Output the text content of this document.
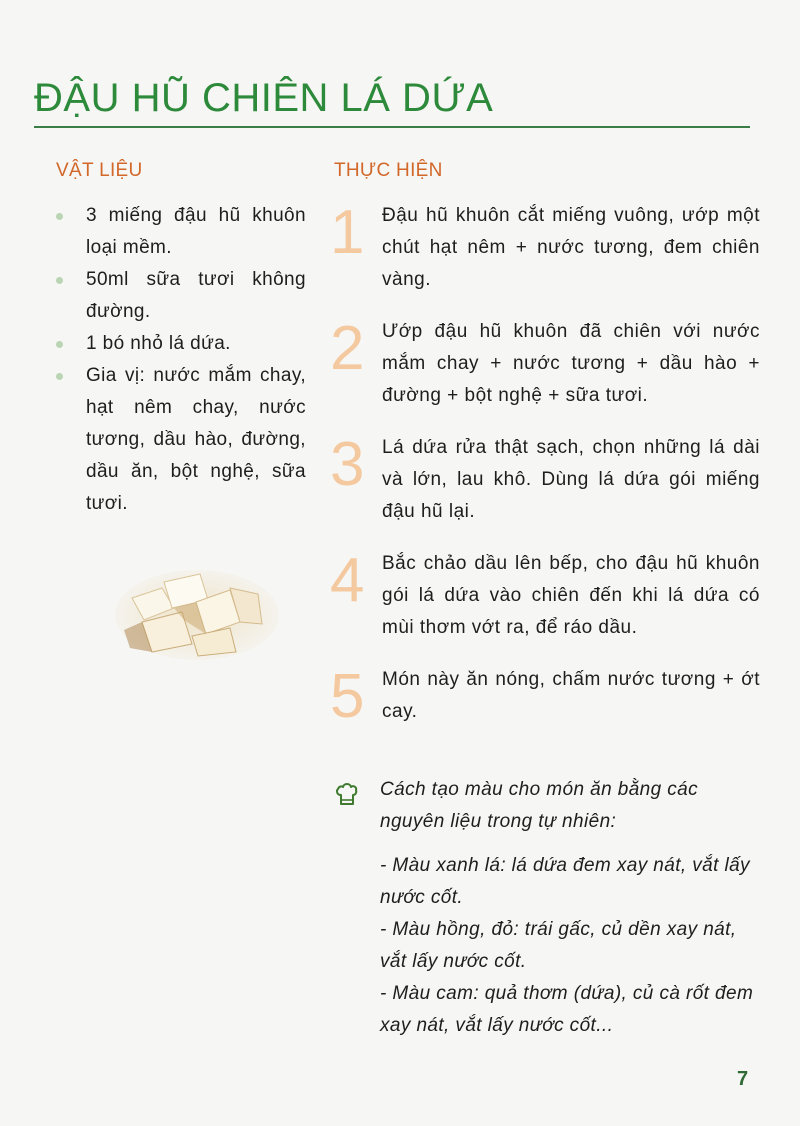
ĐẬU HŨ CHIÊN LÁ DỨA
VẬT LIỆU	THỰC HIỆN
3 miếng đậu hũ khuôn loại mềm.
50ml sữa tươi không đường.
1 bó nhỏ lá dứa.
Gia vị: nước mắm chay, hạt nêm chay, nước tương, dầu hào, đường, dầu ăn, bột nghệ, sữa tươi.
1 Đậu hũ khuôn cắt miếng vuông, ướp một chút hạt nêm + nước tương, đem chiên vàng.
2 Ướp đậu hũ khuôn đã chiên với nước mắm chay + nước tương + dầu hào + đường + bột nghệ + sữa tươi.
3 Lá dứa rửa thật sạch, chọn những lá dài và lớn, lau khô. Dùng lá dứa gói miếng đậu hũ lại.
4 Bắc chảo dầu lên bếp, cho đậu hũ khuôn gói lá dứa vào chiên đến khi lá dứa có mùi thơm vớt ra, để ráo dầu.
5 Món này ăn nóng, chấm nước tương + ớt cay.
Cách tạo màu cho món ăn bằng các nguyên liệu trong tự nhiên:
- Màu xanh lá: lá dứa đem xay nát, vắt lấy nước cốt.
- Màu hồng, đỏ: trái gấc, củ dền xay nát, vắt lấy nước cốt.
- Màu cam: quả thơm (dứa), củ cà rốt đem xay nát, vắt lấy nước cốt...
7
